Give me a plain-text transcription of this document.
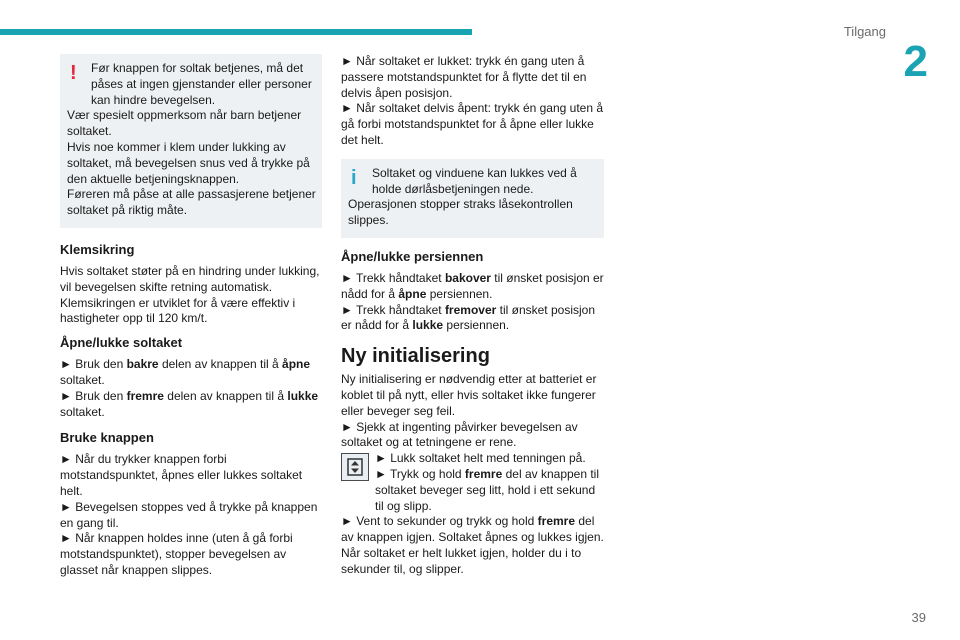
Tilgang
2
39
!	Før knappen for soltak betjenes, må det påses at ingen gjenstander eller personer kan hindre bevegelsen.

Vær spesielt oppmerksom når barn betjener soltaket.

Hvis noe kommer i klem under lukking av soltaket, må bevegelsen snus ved å trykke på den aktuelle betjeningsknappen.

Føreren må påse at alle passasjerene betjener soltaket på riktig måte.

Klemsikring

Hvis soltaket støter på en hindring under lukking, vil bevegelsen skifte retning automatisk.

Klemsikringen er utviklet for å være effektiv i hastigheter opp til 120 km/t.

Åpne/lukke soltaket

► Bruk den bakre delen av knappen til å åpne soltaket.

► Bruk den fremre delen av knappen til å lukke soltaket.

Bruke knappen

► Når du trykker knappen forbi motstandspunktet, åpnes eller lukkes soltaket helt.

► Bevegelsen stoppes ved å trykke på knappen en gang til.

► Når knappen holdes inne (uten å gå forbi motstandspunktet), stopper bevegelsen av glasset når knappen slippes.

► Når soltaket er lukket: trykk én gang uten å passere motstandspunktet for å flytte det til en delvis åpen posisjon.

► Når soltaket delvis åpent: trykk én gang uten å gå forbi motstandspunktet for å åpne eller lukke det helt.

i	Soltaket og vinduene kan lukkes ved å holde dørlåsbetjeningen nede.

Operasjonen stopper straks låsekontrollen slippes.

Åpne/lukke persiennen

► Trekk håndtaket bakover til ønsket posisjon er nådd for å åpne persiennen.

► Trekk håndtaket fremover til ønsket posisjon er nådd for å lukke persiennen.

Ny initialisering

Ny initialisering er nødvendig etter at batteriet er koblet til på nytt, eller hvis soltaket ikke fungerer eller beveger seg feil.

► Sjekk at ingenting påvirker bevegelsen av soltaket og at tetningene er rene.

► Lukk soltaket helt med tenningen på.

► Trykk og hold fremre del av knappen til soltaket beveger seg litt, hold i ett sekund til og slipp.

► Vent to sekunder og trykk og hold fremre del av knappen igjen. Soltaket åpnes og lukkes igjen. Når soltaket er helt lukket igjen, holder du i to sekunder til, og slipper.
